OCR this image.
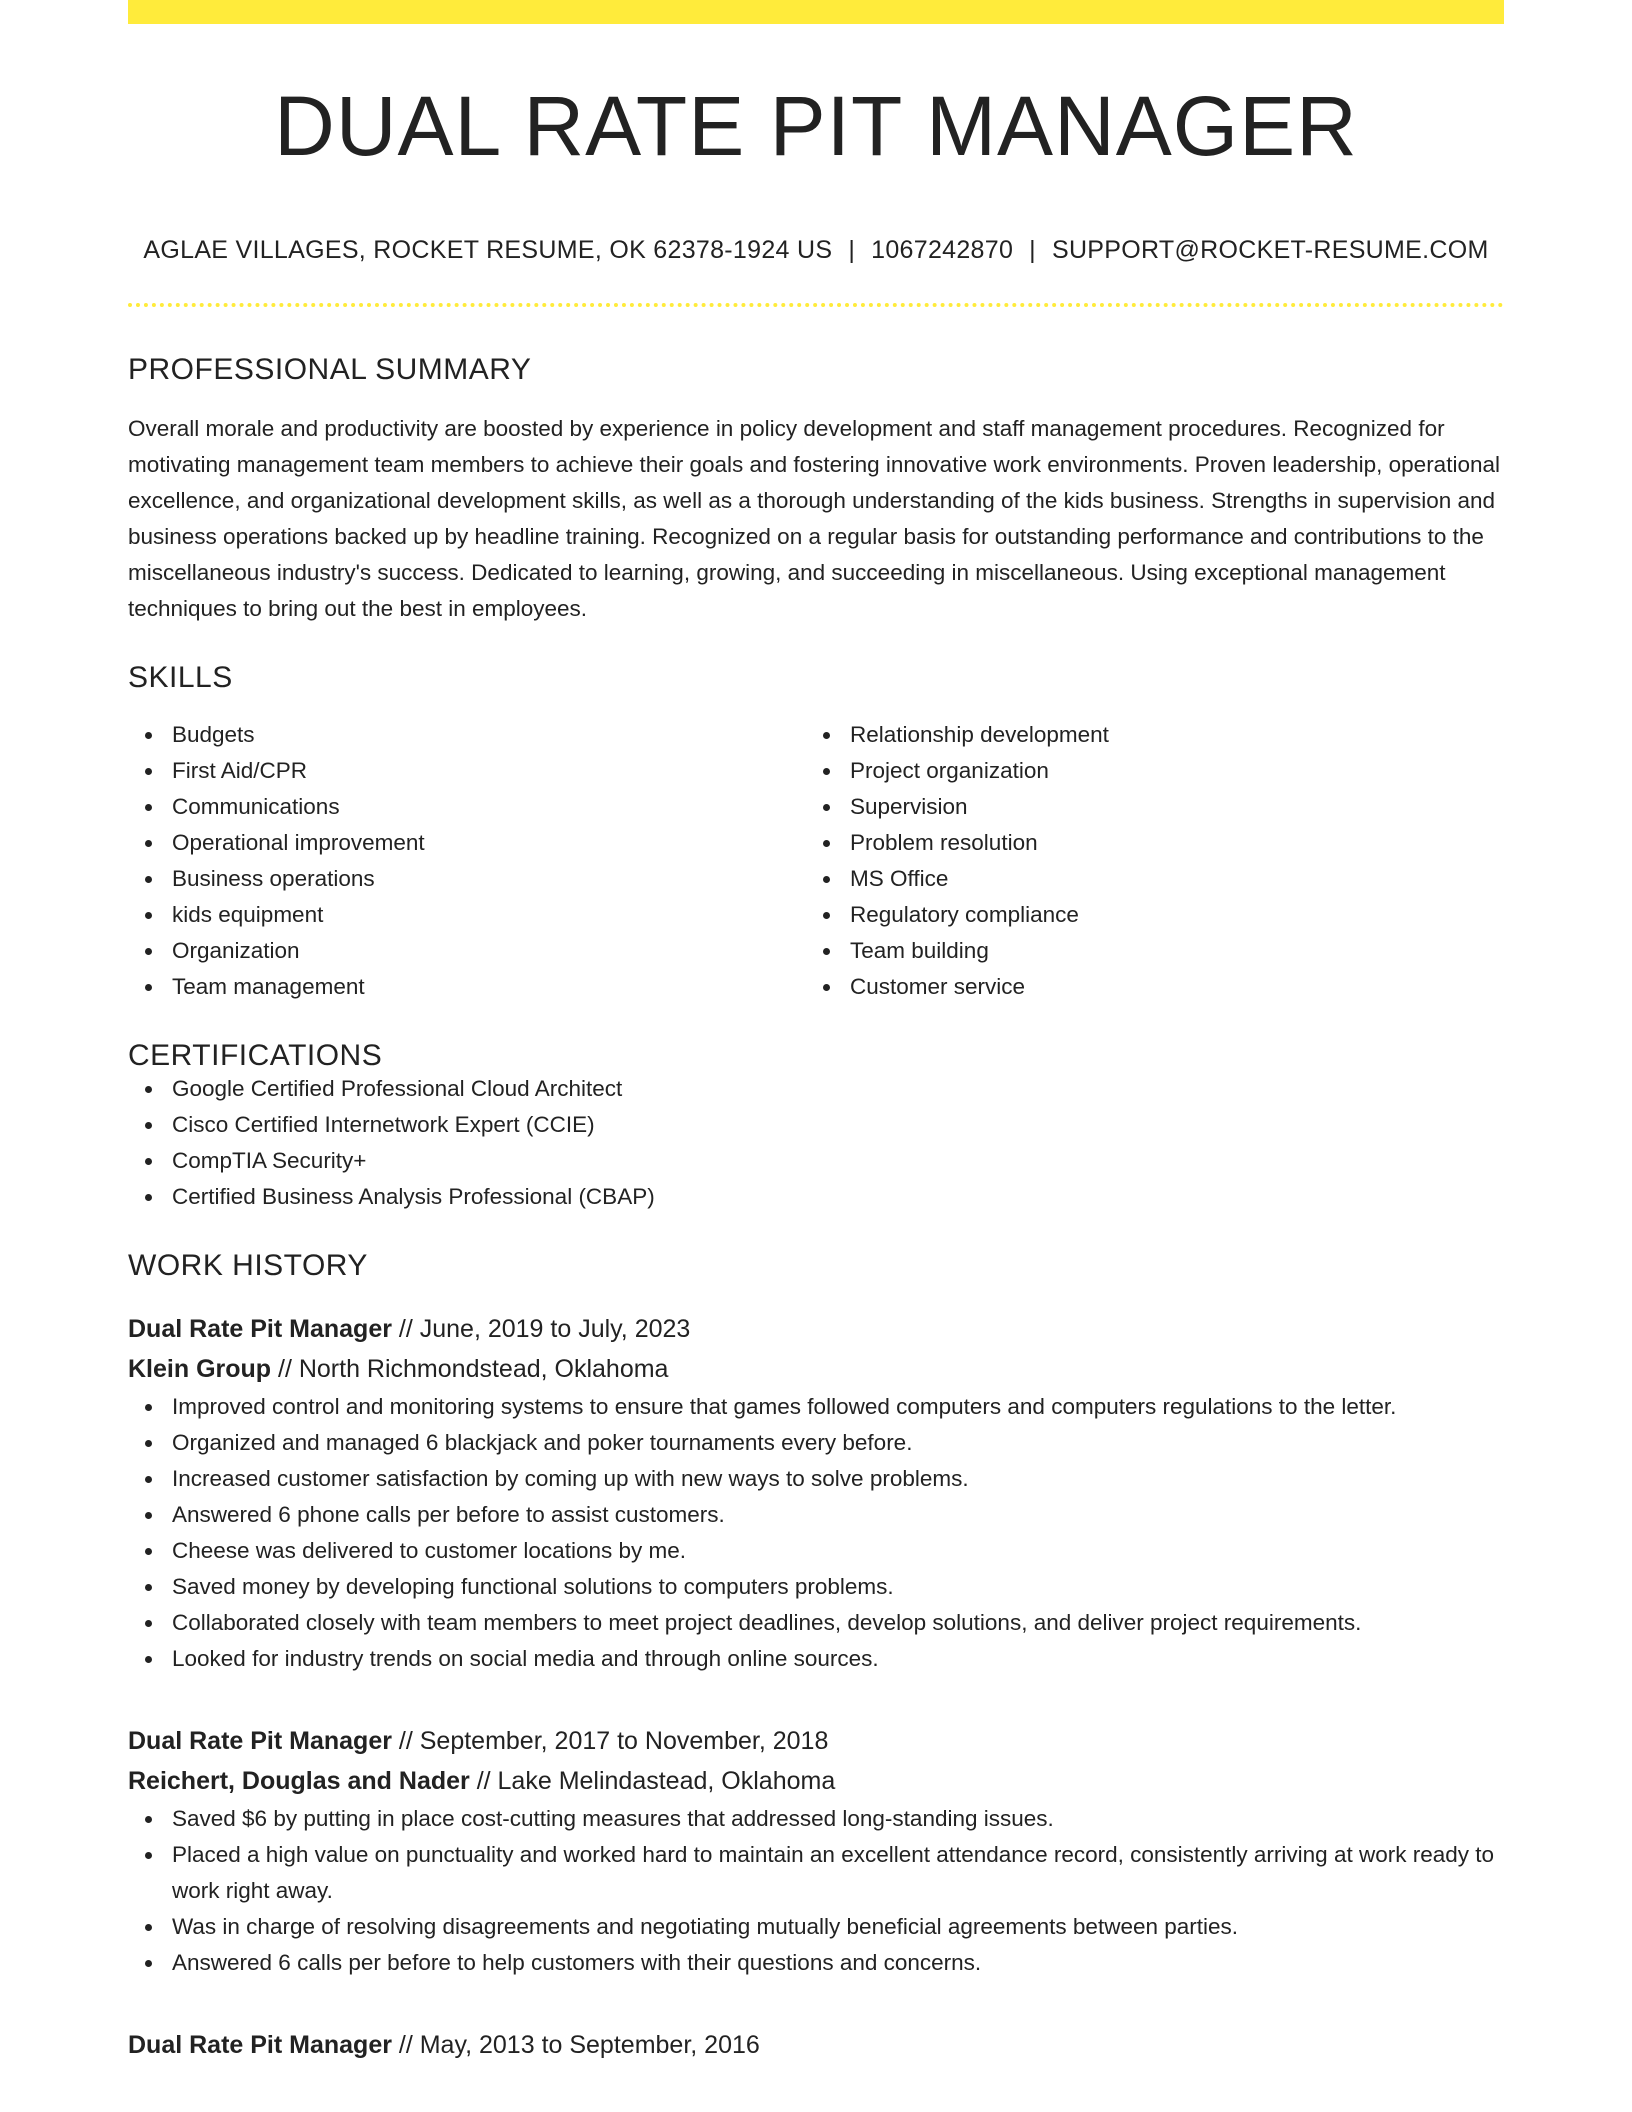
DUAL RATE PIT MANAGER
AGLAE VILLAGES, ROCKET RESUME, OK 62378-1924 US | 1067242870 | SUPPORT@ROCKET-RESUME.COM
PROFESSIONAL SUMMARY

Overall morale and productivity are boosted by experience in policy development and staff management procedures. Recognized for motivating management team members to achieve their goals and fostering innovative work environments. Proven leadership, operational excellence, and organizational development skills, as well as a thorough understanding of the kids business. Strengths in supervision and business operations backed up by headline training. Recognized on a regular basis for outstanding performance and contributions to the miscellaneous industry's success. Dedicated to learning, growing, and succeeding in miscellaneous. Using exceptional management techniques to bring out the best in employees.

SKILLS
Budgets
First Aid/CPR
Communications
Operational improvement
Business operations
kids equipment
Organization
Team management
Relationship development
Project organization
Supervision
Problem resolution
MS Office
Regulatory compliance
Team building
Customer service
CERTIFICATIONS
Google Certified Professional Cloud Architect
Cisco Certified Internetwork Expert (CCIE)
CompTIA Security+
Certified Business Analysis Professional (CBAP)
WORK HISTORY
Dual Rate Pit Manager // June, 2019 to July, 2023
Klein Group // North Richmondstead, Oklahoma
Improved control and monitoring systems to ensure that games followed computers and computers regulations to the letter.
Organized and managed 6 blackjack and poker tournaments every before.
Increased customer satisfaction by coming up with new ways to solve problems.
Answered 6 phone calls per before to assist customers.
Cheese was delivered to customer locations by me.
Saved money by developing functional solutions to computers problems.
Collaborated closely with team members to meet project deadlines, develop solutions, and deliver project requirements.
Looked for industry trends on social media and through online sources.
Dual Rate Pit Manager // September, 2017 to November, 2018
Reichert, Douglas and Nader // Lake Melindastead, Oklahoma
Saved $6 by putting in place cost-cutting measures that addressed long-standing issues.
Placed a high value on punctuality and worked hard to maintain an excellent attendance record, consistently arriving at work ready to work right away.
Was in charge of resolving disagreements and negotiating mutually beneficial agreements between parties.
Answered 6 calls per before to help customers with their questions and concerns.
Dual Rate Pit Manager // May, 2013 to September, 2016
